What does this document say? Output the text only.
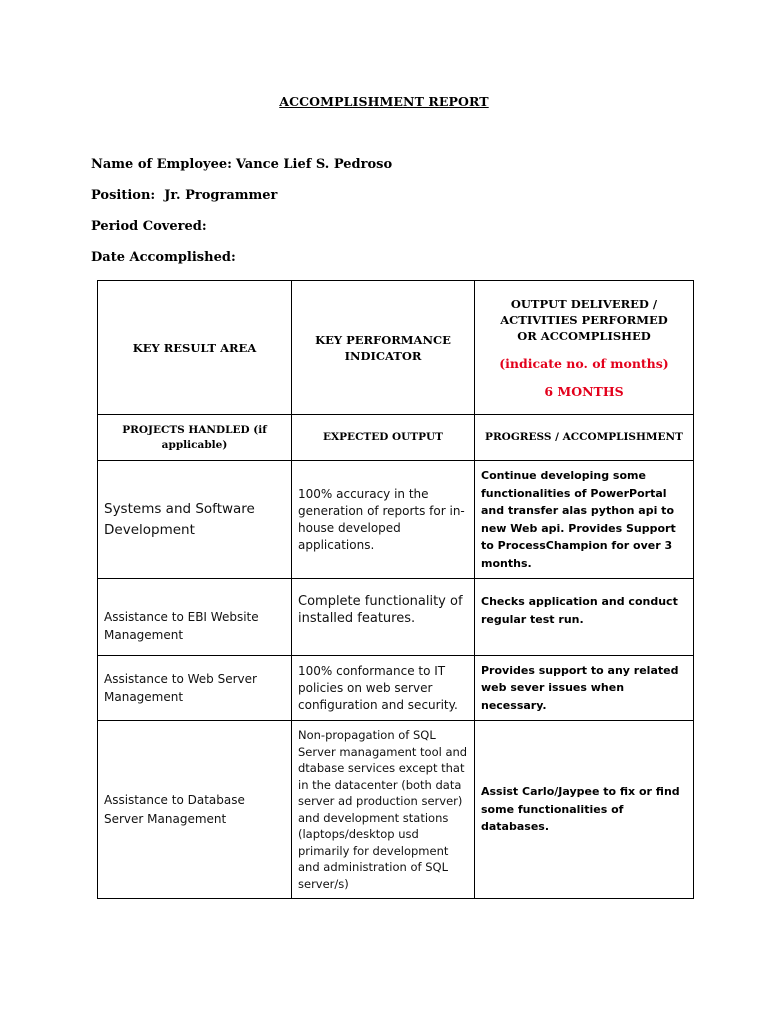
ACCOMPLISHMENT REPORT
Name of Employee: Vance Lief S. Pedroso
Position: Jr. Programmer
Period Covered:
Date Accomplished:
KEY RESULT AREA	KEY PERFORMANCE INDICATOR	OUTPUT DELIVERED / ACTIVITIES PERFORMED OR ACCOMPLISHED
(indicate no. of months)
6 MONTHS

PROJECTS HANDLED (if applicable)	EXPECTED OUTPUT	PROGRESS / ACCOMPLISHMENT
Systems and Software Development	100% accuracy in the generation of reports for in-house developed applications.	Continue developing some functionalities of PowerPortal and transfer alas python api to new Web api. Provides Support to ProcessChampion for over 3 months.
Assistance to EBI Website Management	Complete functionality of installed features.	Checks application and conduct regular test run.
Assistance to Web Server Management	100% conformance to IT policies on web server configuration and security.	Provides support to any related web sever issues when necessary.
Assistance to Database Server Management	Non-propagation of SQL Server managament tool and dtabase services except that in the datacenter (both data server ad production server) and development stations (laptops/desktop usd primarily for development and administration of SQL server/s)	Assist Carlo/Jaypee to fix or find some functionalities of databases.
